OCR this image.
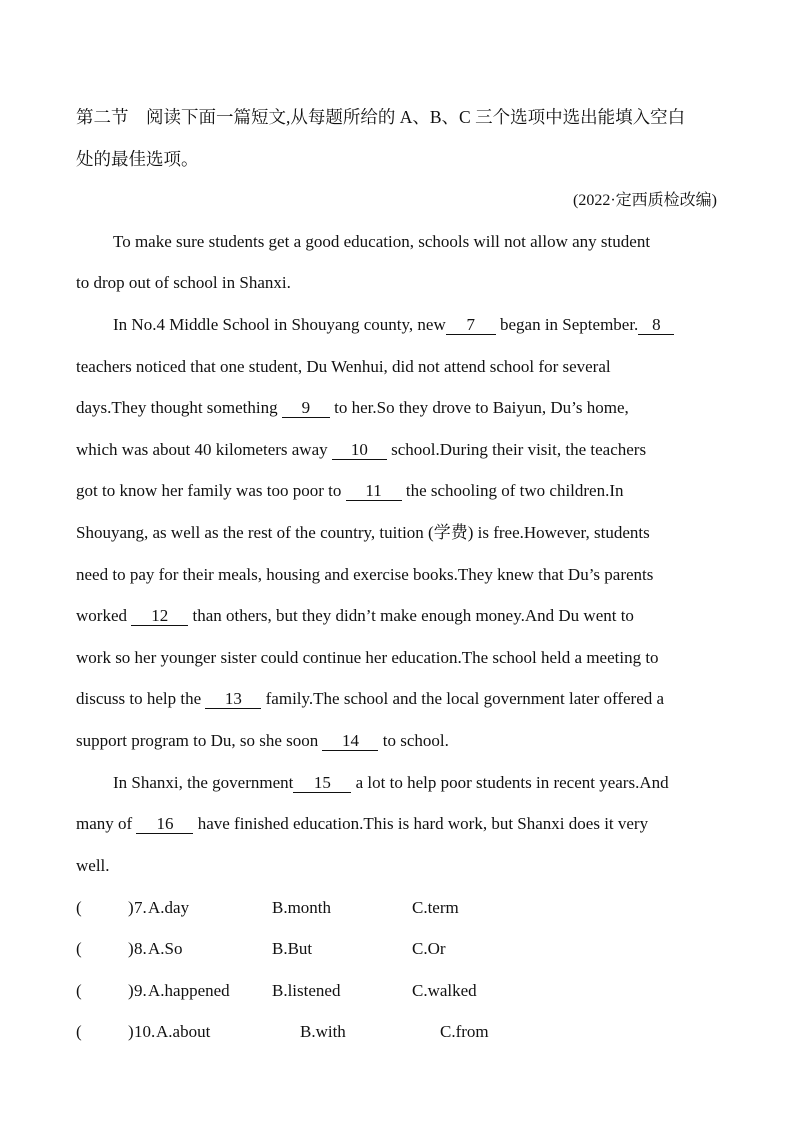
第二节　阅读下面一篇短文,从每题所给的 A、B、C 三个选项中选出能填入空白
处的最佳选项。
(2022·定西质检改编)
To make sure students get a good education, schools will not allow any student
to drop out of school in Shanxi.
In No.4 Middle School in Shouyang county, new 7 began in September. 8
teachers noticed that one student, Du Wenhui, did not attend school for several
days.They thought something 9 to her.So they drove to Baiyun, Du’s home,
which was about 40 kilometers away 10 school.During their visit, the teachers
got to know her family was too poor to 11 the schooling of two children.In
Shouyang, as well as the rest of the country, tuition (学费) is free.However, students
need to pay for their meals, housing and exercise books.They knew that Du’s parents
worked 12 than others, but they didn’t make enough money.And Du went to
work so her younger sister could continue her education.The school held a meeting to
discuss to help the 13 family.The school and the local government later offered a
support program to Du, so she soon 14 to school.
In Shanxi, the government 15 a lot to help poor students in recent years.And
many of 16 have finished education.This is hard work, but Shanxi does it very
well.
(	) 7. A.day	B.month	C.term
(	) 8. A.So	B.But	C.Or
(	) 9. A.happened B.listened	C.walked
(	) 10. A.about	B.with	C.from
